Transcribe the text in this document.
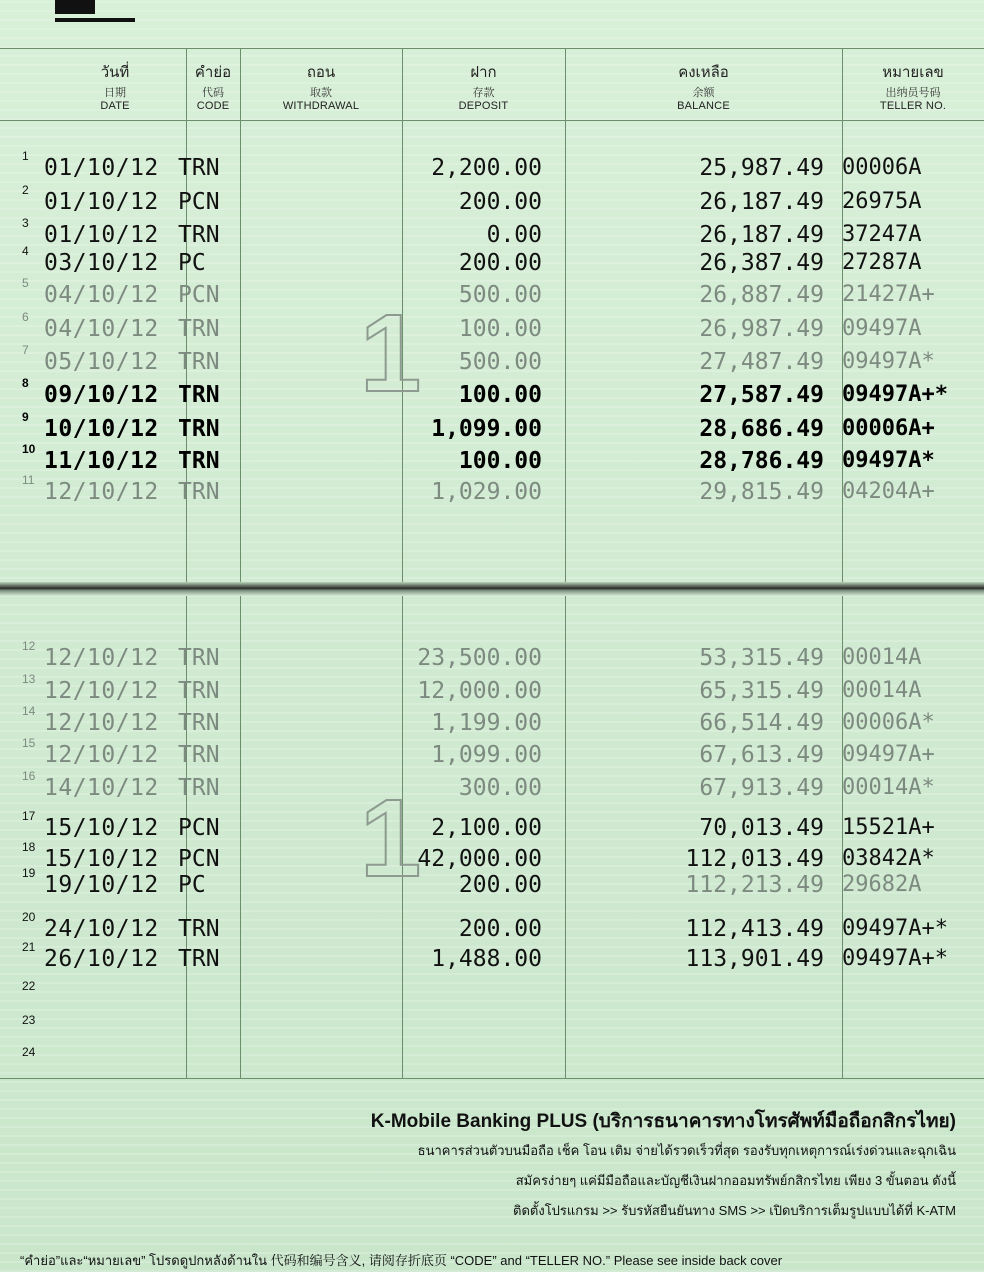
วันที่
日期
DATE
คำย่อ
代码
CODE
ถอน
取款
WITHDRAWAL
ฝาก
存款
DEPOSIT
คงเหลือ
余额
BALANCE
หมายเลข
出纳员号码
TELLER NO.
1
1
1 01/10/12 TRN	2,200.00	25,987.49 00006A
2 01/10/12 PCN	200.00	26,187.49 26975A
3 01/10/12 TRN	0.00	26,187.49 37247A
4 03/10/12 PC	200.00	26,387.49 27287A
5 04/10/12 PCN	500.00	26,887.49 21427A+
6 04/10/12 TRN	100.00	26,987.49 09497A
7 05/10/12 TRN	500.00	27,487.49 09497A*
8 09/10/12 TRN	100.00	27,587.49 09497A+*
9 10/10/12 TRN	1,099.00	28,686.49 00006A+
10 11/10/12 TRN	100.00	28,786.49 09497A*
11 12/10/12 TRN	1,029.00	29,815.49 04204A+
12 12/10/12 TRN	23,500.00	53,315.49 00014A
13 12/10/12 TRN	12,000.00	65,315.49 00014A
14 12/10/12 TRN	1,199.00	66,514.49 00006A*
15 12/10/12 TRN	1,099.00	67,613.49 09497A+
16 14/10/12 TRN	300.00	67,913.49 00014A*
17 15/10/12 PCN	2,100.00	70,013.49 15521A+
18 15/10/12 PCN	42,000.00	112,013.49 03842A*
19 19/10/12 PC	200.00	112,213.49 29682A
20 24/10/12 TRN	200.00	112,413.49 09497A+*
21 26/10/12 TRN	1,488.00	113,901.49 09497A+*
22
23
24
K-Mobile Banking PLUS (บริการธนาคารทางโทรศัพท์มือถือกสิกรไทย)
ธนาคารส่วนตัวบนมือถือ เช็ค โอน เติม จ่ายได้รวดเร็วที่สุด รองรับทุกเหตุการณ์เร่งด่วนและฉุกเฉิน
สมัครง่ายๆ แค่มีมือถือและบัญชีเงินฝากออมทรัพย์กสิกรไทย เพียง 3 ขั้นตอน ดังนี้
ติดตั้งโปรแกรม >> รับรหัสยืนยันทาง SMS >> เปิดบริการเต็มรูปแบบได้ที่ K-ATM
“คำย่อ”และ“หมายเลข” โปรดดูปกหลังด้านใน 代码和编号含义, 请阅存折底页 “CODE” and “TELLER NO.” Please see inside back cover
